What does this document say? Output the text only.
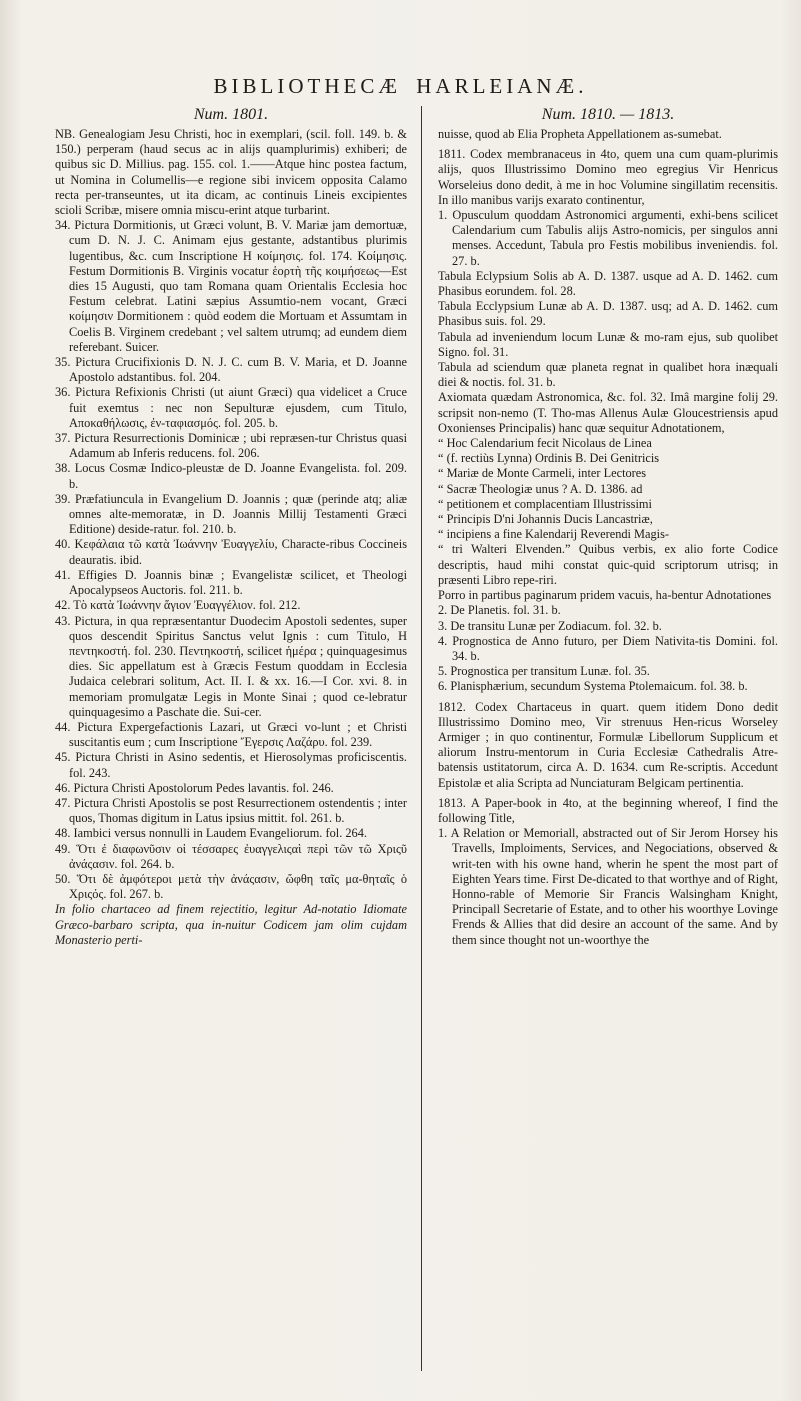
BIBLIOTHECÆ HARLEIANÆ.
Num. 1801.

NB. Genealogiam Jesu Christi, hoc in exemplari, (scil. foll. 149. b. & 150.) perperam (haud secus ac in alijs quamplurimis) exhiberi; de quibus sic D. Millius. pag. 155. col. 1.——Atque hinc postea factum, ut Nomina in Columellis—e regione sibi invicem opposita Calamo recta per-transeuntes, ut ita dicam, ac continuis Lineis excipientes scioli Scribæ, misere omnia miscu-erint atque turbarint.

34. Pictura Dormitionis, ut Græci volunt, B. V. Mariæ jam demortuæ, cum D. N. J. C. Animam ejus gestante, adstantibus plurimis lugentibus, &c. cum Inscriptione Η κοίμησις. fol. 174. Κοίμησις. Festum Dormitionis B. Virginis vocatur ἑορτὴ τῆς κοιμήσεως—Est dies 15 Augusti, quo tam Romana quam Orientalis Ecclesia hoc Festum celebrat. Latini sæpius Assumtio-nem vocant, Græci κοίμησιν Dormitionem : quòd eodem die Mortuam et Assumtam in Coelis B. Virginem credebant ; vel saltem utrumq; ad eundem diem referebant. Suicer.

35. Pictura Crucifixionis D. N. J. C. cum B. V. Maria, et D. Joanne Apostolo adstantibus. fol. 204.

36. Pictura Refixionis Christi (ut aiunt Græci) qua videlicet a Cruce fuit exemtus : nec non Sepulturæ ejusdem, cum Titulo, Αποκαθήλωσις, ἐν-ταφιασμός. fol. 205. b.

37. Pictura Resurrectionis Dominicæ ; ubi repræsen-tur Christus quasi Adamum ab Inferis reducens. fol. 206.

38. Locus Cosmæ Indico-pleustæ de D. Joanne Evangelista. fol. 209. b.

39. Præfatiuncula in Evangelium D. Joannis ; quæ (perinde atq; aliæ omnes alte-memoratæ, in D. Joannis Millij Testamenti Græci Editione) deside-ratur. fol. 210. b.

40. Κεφάλαια τῶ κατὰ Ἰωάννην Ἐυαγγελίυ, Characte-ribus Coccineis deauratis. ibid.

41. Effigies D. Joannis binæ ; Evangelistæ scilicet, et Theologi Apocalypseos Auctoris. fol. 211. b.

42. Τὸ κατὰ Ἰωάννην ἅγιον Ἐυαγγέλιον. fol. 212.

43. Pictura, in qua repræsentantur Duodecim Apostoli sedentes, super quos descendit Spiritus Sanctus velut Ignis : cum Titulo, Η πεντηκοστή. fol. 230. Πεντηκοστή, scilicet ἡμέρα ; quinquagesimus dies. Sic appellatum est à Græcis Festum quoddam in Ecclesia Judaica celebrari solitum, Act. II. I. & xx. 16.—I Cor. xvi. 8. in memoriam promulgatæ Legis in Monte Sinai ; quod ce-lebratur quinquagesimo a Paschate die. Sui-cer.

44. Pictura Expergefactionis Lazari, ut Græci vo-lunt ; et Christi suscitantis eum ; cum Inscriptione Ἔγερσις Λαζάρυ. fol. 239.

45. Pictura Christi in Asino sedentis, et Hierosolymas proficiscentis. fol. 243.

46. Pictura Christi Apostolorum Pedes lavantis. fol. 246.

47. Pictura Christi Apostolis se post Resurrectionem ostendentis ; inter quos, Thomas digitum in Latus ipsius mittit. fol. 261. b.

48. Iambici versus nonnulli in Laudem Evangeliorum. fol. 264.

49. Ὅτι ἐ διαφωνῦσιν οἱ τέσσαρες ἐυαγγελιςαὶ περὶ τῶν τῶ Χριςῦ ἀνάςασιν. fol. 264. b.

50. Ὅτι δὲ ἀμφότεροι μετὰ τὴν ἀνάςασιν, ὤφθη ταῖς μα-θηταῖς ὁ Χριςός. fol. 267. b.

In folio chartaceo ad finem rejectitio, legitur Ad-notatio Idiomate Græco-barbaro scripta, qua in-nuitur Codicem jam olim cujdam Monasterio perti-

Num. 1810. — 1813.

nuisse, quod ab Elia Propheta Appellationem as-sumebat.

1811. Codex membranaceus in 4to, quem una cum quam-plurimis alijs, quos Illustrissimo Domino meo egregius Vir Henricus Worseleius dono dedit, à me in hoc Volumine singillatim recensitis. In illo manibus varijs exarato continentur,

1. Opusculum quoddam Astronomici argumenti, exhi-bens scilicet Calendarium cum Tabulis alijs Astro-nomicis, per singulos anni menses. Accedunt, Tabula pro Festis mobilibus inveniendis. fol. 27. b.

Tabula Eclypsium Solis ab A. D. 1387. usque ad A. D. 1462. cum Phasibus eorundem. fol. 28.

Tabula Ecclypsium Lunæ ab A. D. 1387. usq; ad A. D. 1462. cum Phasibus suis. fol. 29.

Tabula ad inveniendum locum Lunæ & mo-ram ejus, sub quolibet Signo. fol. 31.

Tabula ad sciendum quæ planeta regnat in qualibet hora inæquali diei & noctis. fol. 31. b.

Axiomata quædam Astronomica, &c. fol. 32. Imâ margine folij 29. scripsit non-nemo (T. Tho-mas Allenus Aulæ Gloucestriensis apud Oxonienses Principalis) hanc quæ sequitur Adnotationem,

“ Hoc Calendarium fecit Nicolaus de Linea

“ (f. rectiùs Lynna) Ordinis B. Dei Genitricis

“ Mariæ de Monte Carmeli, inter Lectores

“ Sacræ Theologiæ unus ? A. D. 1386. ad

“ petitionem et complacentiam Illustrissimi

“ Principis D'ni Johannis Ducis Lancastriæ,

“ incipiens a fine Kalendarij Reverendi Magis-

“ tri Walteri Elvenden.” Quibus verbis, ex alio forte Codice descriptis, haud mihi constat quic-quid scriptorum utrisq; in præsenti Libro repe-riri.

Porro in partibus paginarum pridem vacuis, ha-bentur Adnotationes

2. De Planetis. fol. 31. b.

3. De transitu Lunæ per Zodiacum. fol. 32. b.

4. Prognostica de Anno futuro, per Diem Nativita-tis Domini. fol. 34. b.

5. Prognostica per transitum Lunæ. fol. 35.

6. Planisphærium, secundum Systema Ptolemaicum. fol. 38. b.

1812. Codex Chartaceus in quart. quem itidem Dono dedit Illustrissimo Domino meo, Vir strenuus Hen-ricus Worseley Armiger ; in quo continentur, Formulæ Libellorum Supplicum et aliorum Instru-mentorum in Curia Ecclesiæ Cathedralis Atre-batensis ustitatorum, circa A. D. 1634. cum Re-scriptis. Accedunt Epistolæ et alia Scripta ad Nunciaturam Belgicam pertinentia.

1813. A Paper-book in 4to, at the beginning whereof, I find the following Title,

1. A Relation or Memoriall, abstracted out of Sir Jerom Horsey his Travells, Imploiments, Services, and Negociations, observed & writ-ten with his owne hand, wherin he spent the most part of Eighten Years time. First De-dicated to that worthye and of Right, Honno-rable of Memorie Sir Francis Walsingham Knight, Principall Secretarie of Estate, and to other his woorthye Lovinge Frends & Allies that did desire an account of the same. And by them since thought not un-woorthye the
